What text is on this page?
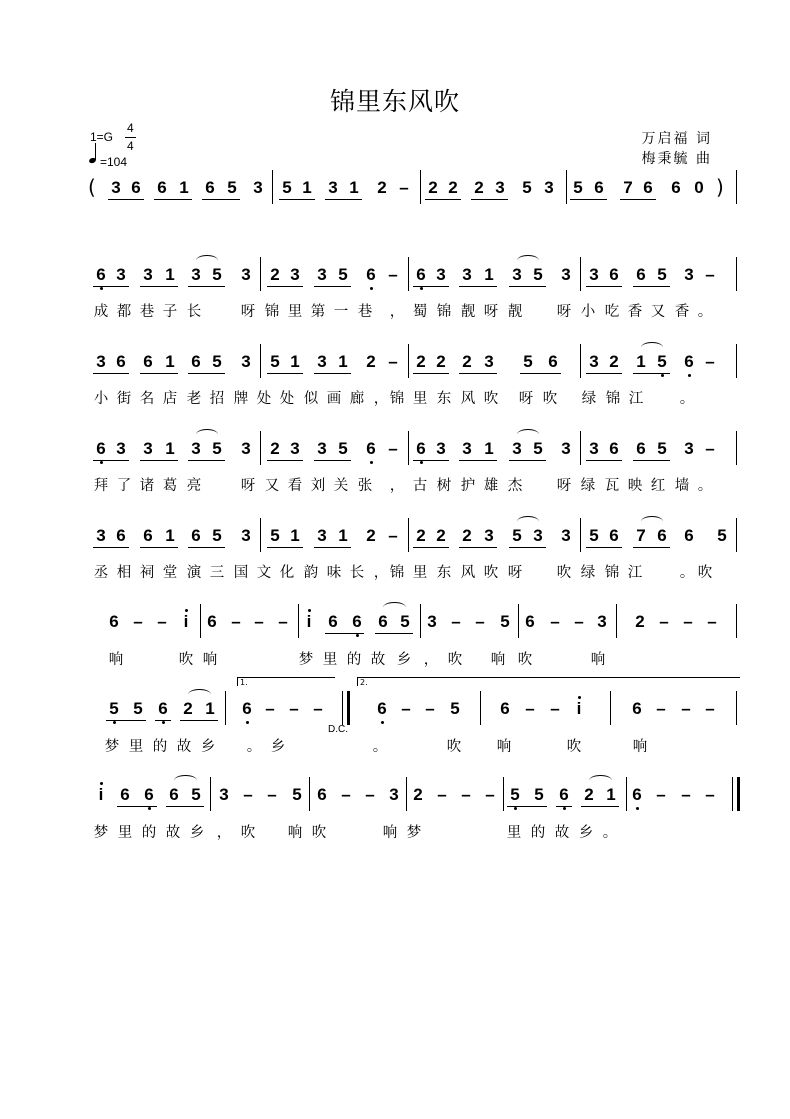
锦里东风吹
1=G
4
4
=104
万启福 词
梅秉毓 曲
( 3 6 6 1 6 5 3 5 1 3 1 2 – 2 2 2 3 5 3 5 6 7 6 6 0 )
6 3 3 1 3 5 3 2 3 3 5 6 – 6 3 3 1 3 5 3 3 6 6 5 3 –
成 都 巷 子 长	呀 锦 里 第 一 巷 ， 蜀 锦 靓 呀 靓 呀 小 吃 香 又 香 。
3 6 6 1 6 5 3 5 1 3 1 2 – 2 2 2 3 5 6 3 2 1 5 6 –
小 街 名 店 老 招 牌 处 处 似 画 廊 ， 锦 里 东 风 吹 呀 吹 绿 锦 江	。
6 3 3 1 3 5 3 2 3 3 5 6 – 6 3 3 1 3 5 3 3 6 6 5 3 –
拜 了 诸 葛 亮	呀 又 看 刘 关 张 ， 古 树 护 雄 杰 呀 绿 瓦 映 红 墙 。
3 6 6 1 6 5 3 5 1 3 1 2 – 2 2 2 3 5 3 3 5 6 7 6 6 5
丞 相 祠 堂 演 三 国 文 化 韵 味 长 ， 锦 里 东 风 吹 呀 吹 绿 锦 江	。 吹
6 – – i	6 – – –	i 6 6 6 5 3 – – 5 6 – – 3 2 – – –
响	吹 响	梦 里 的 故 乡 ， 吹 响 吹	响
5 5 6 2 1 6 – – –	6 – – 5 6 – – i	6 – – –
梦 里 的 故 乡 。 乡	。	吹 响	吹	响
i 6 6 6 5 3 – – 5 6 – – 3 2 – – – 5 5 6 2 1 6 – – –
梦 里 的 故 乡 ， 吹 响 吹	响 梦	里 的 故 乡 。
1.	2.
D.C.
